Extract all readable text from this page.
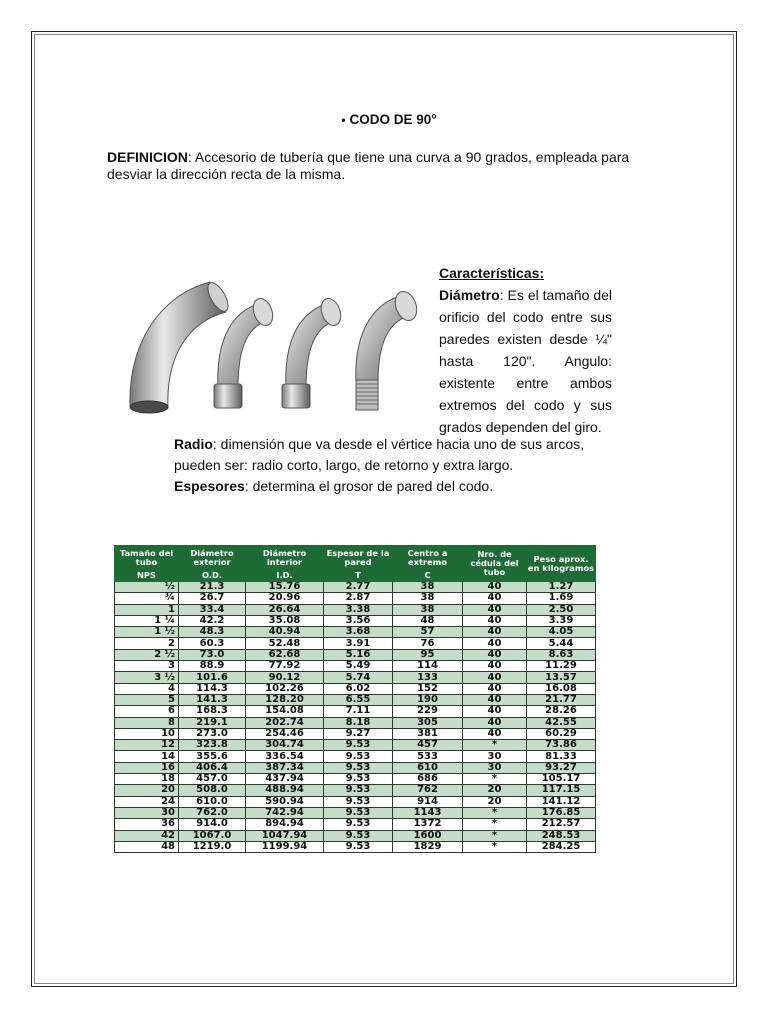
• CODO DE 90°
DEFINICION: Accesorio de tubería que tiene una curva a 90 grados, empleada para desviar la dirección recta de la misma.
Características:
Diámetro: Es el tamaño del orificio del codo entre sus paredes existen desde ¼" hasta 120". Angulo: existente entre ambos extremos del codo y sus grados dependen del giro.
Radio: dimensión que va desde el vértice hacia uno de sus arcos, pueden ser: radio corto, largo, de retorno y extra largo.
Espesores: determina el grosor de pared del codo.
Tamaño del tubo	Diámetro exterior	Diámetro interior	Espesor de la pared	Centro a extremo	Nro. de cédula del tubo	Peso aprox. en kilogramos
NPS	O.D.	I.D.	T	C		
½	21.3	15.76	2.77	38	40	1.27
¾	26.7	20.96	2.87	38	40	1.69
1	33.4	26.64	3.38	38	40	2.50
1 ¼	42.2	35.08	3.56	48	40	3.39
1 ½	48.3	40.94	3.68	57	40	4.05
2	60.3	52.48	3.91	76	40	5.44
2 ½	73.0	62.68	5.16	95	40	8.63
3	88.9	77.92	5.49	114	40	11.29
3 ½	101.6	90.12	5.74	133	40	13.57
4	114.3	102.26	6.02	152	40	16.08
5	141.3	128.20	6.55	190	40	21.77
6	168.3	154.08	7.11	229	40	28.26
8	219.1	202.74	8.18	305	40	42.55
10	273.0	254.46	9.27	381	40	60.29
12	323.8	304.74	9.53	457	*	73.86
14	355.6	336.54	9.53	533	30	81.33
16	406.4	387.34	9.53	610	30	93.27
18	457.0	437.94	9.53	686	*	105.17
20	508.0	488.94	9.53	762	20	117.15
24	610.0	590.94	9.53	914	20	141.12
30	762.0	742.94	9.53	1143	*	176.85
36	914.0	894.94	9.53	1372	*	212.57
42	1067.0	1047.94	9.53	1600	*	248.53
48	1219.0	1199.94	9.53	1829	*	284.25
